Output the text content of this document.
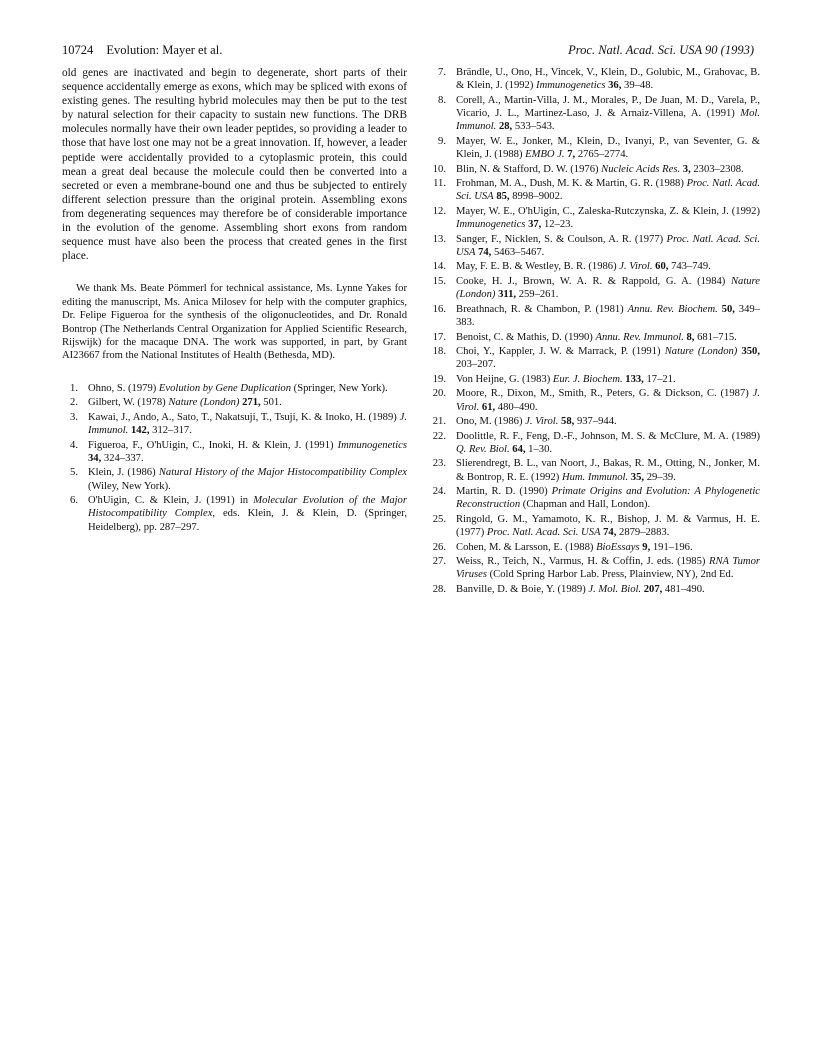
10724 Evolution: Mayer et al.	Proc. Natl. Acad. Sci. USA 90 (1993)

old genes are inactivated and begin to degenerate, short parts of their sequence accidentally emerge as exons, which may be spliced with exons of existing genes. The resulting hybrid molecules may then be put to the test by natural selection for their capacity to sustain new functions. The DRB molecules normally have their own leader peptides, so providing a leader to those that have lost one may not be a great innovation. If, however, a leader peptide were accidentally provided to a cytoplasmic protein, this could mean a great deal because the molecule could then be converted into a secreted or even a membrane-bound one and thus be subjected to entirely different selection pressure than the original protein. Assembling exons from degenerating sequences may therefore be of considerable importance in the evolution of the genome. Assembling short exons from random sequence must have also been the process that created genes in the first place.

We thank Ms. Beate Pömmerl for technical assistance, Ms. Lynne Yakes for editing the manuscript, Ms. Anica Milosev for help with the computer graphics, Dr. Felipe Figueroa for the synthesis of the oligonucleotides, and Dr. Ronald Bontrop (The Netherlands Central Organization for Applied Scientific Research, Rijswijk) for the macaque DNA. The work was supported, in part, by Grant AI23667 from the National Institutes of Health (Bethesda, MD).

1. Ohno, S. (1979) Evolution by Gene Duplication (Springer, New York).
2. Gilbert, W. (1978) Nature (London) 271, 501.
3. Kawai, J., Ando, A., Sato, T., Nakatsuji, T., Tsuji, K. & Inoko, H. (1989) J. Immunol. 142, 312–317.
4. Figueroa, F., O'hUigin, C., Inoki, H. & Klein, J. (1991) Immunogenetics 34, 324–337.
5. Klein, J. (1986) Natural History of the Major Histocompatibility Complex (Wiley, New York).
6. O'hUigin, C. & Klein, J. (1991) in Molecular Evolution of the Major Histocompatibility Complex, eds. Klein, J. & Klein, D. (Springer, Heidelberg), pp. 287–297.
7. Brändle, U., Ono, H., Vincek, V., Klein, D., Golubic, M., Grahovac, B. & Klein, J. (1992) Immunogenetics 36, 39–48.
8. Corell, A., Martin-Villa, J. M., Morales, P., De Juan, M. D., Varela, P., Vicario, J. L., Martinez-Laso, J. & Arnaiz-Villena, A. (1991) Mol. Immunol. 28, 533–543.
9. Mayer, W. E., Jonker, M., Klein, D., Ivanyi, P., van Seventer, G. & Klein, J. (1988) EMBO J. 7, 2765–2774.
10. Blin, N. & Stafford, D. W. (1976) Nucleic Acids Res. 3, 2303–2308.
11. Frohman, M. A., Dush, M. K. & Martin, G. R. (1988) Proc. Natl. Acad. Sci. USA 85, 8998–9002.
12. Mayer, W. E., O'hUigin, C., Zaleska-Rutczynska, Z. & Klein, J. (1992) Immunogenetics 37, 12–23.
13. Sanger, F., Nicklen, S. & Coulson, A. R. (1977) Proc. Natl. Acad. Sci. USA 74, 5463–5467.
14. May, F. E. B. & Westley, B. R. (1986) J. Virol. 60, 743–749.
15. Cooke, H. J., Brown, W. A. R. & Rappold, G. A. (1984) Nature (London) 311, 259–261.
16. Breathnach, R. & Chambon, P. (1981) Annu. Rev. Biochem. 50, 349–383.
17. Benoist, C. & Mathis, D. (1990) Annu. Rev. Immunol. 8, 681–715.
18. Choi, Y., Kappler, J. W. & Marrack, P. (1991) Nature (London) 350, 203–207.
19. Von Heijne, G. (1983) Eur. J. Biochem. 133, 17–21.
20. Moore, R., Dixon, M., Smith, R., Peters, G. & Dickson, C. (1987) J. Virol. 61, 480–490.
21. Ono, M. (1986) J. Virol. 58, 937–944.
22. Doolittle, R. F., Feng, D.-F., Johnson, M. S. & McClure, M. A. (1989) Q. Rev. Biol. 64, 1–30.
23. Slierendregt, B. L., van Noort, J., Bakas, R. M., Otting, N., Jonker, M. & Bontrop, R. E. (1992) Hum. Immunol. 35, 29–39.
24. Martin, R. D. (1990) Primate Origins and Evolution: A Phylogenetic Reconstruction (Chapman and Hall, London).
25. Ringold, G. M., Yamamoto, K. R., Bishop, J. M. & Varmus, H. E. (1977) Proc. Natl. Acad. Sci. USA 74, 2879–2883.
26. Cohen, M. & Larsson, E. (1988) BioEssays 9, 191–196.
27. Weiss, R., Teich, N., Varmus, H. & Coffin, J. eds. (1985) RNA Tumor Viruses (Cold Spring Harbor Lab. Press, Plainview, NY), 2nd Ed.
28. Banville, D. & Boie, Y. (1989) J. Mol. Biol. 207, 481–490.
